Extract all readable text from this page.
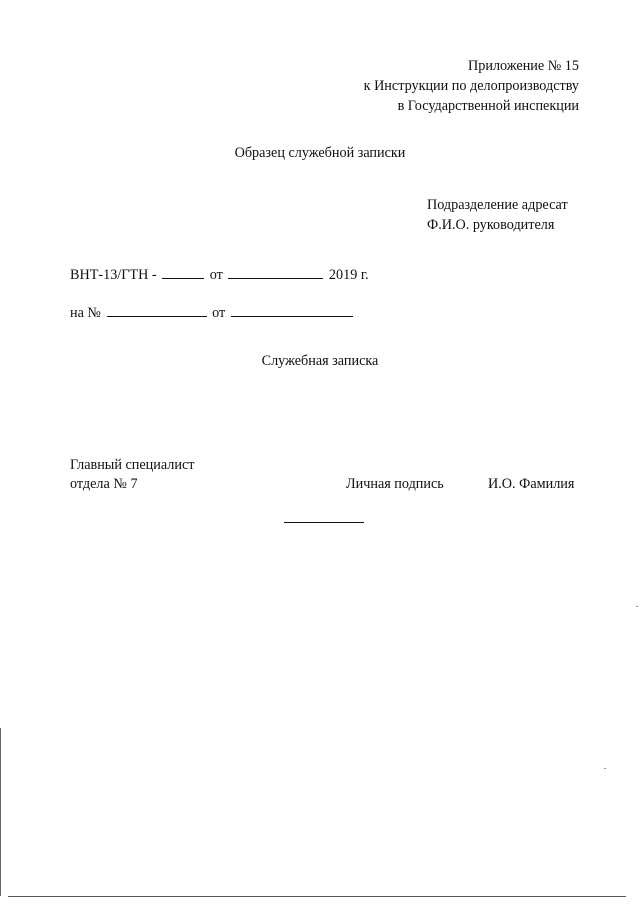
Приложение № 15
к Инструкции по делопроизводству
в Государственной инспекции
Образец служебной записки
Подразделение адресат
Ф.И.О. руководителя
ВНТ-13/ГТН -	от	2019 г.
на №	от
Служебная записка
Главный специалист
отдела № 7	Личная подпись	И.О. Фамилия
